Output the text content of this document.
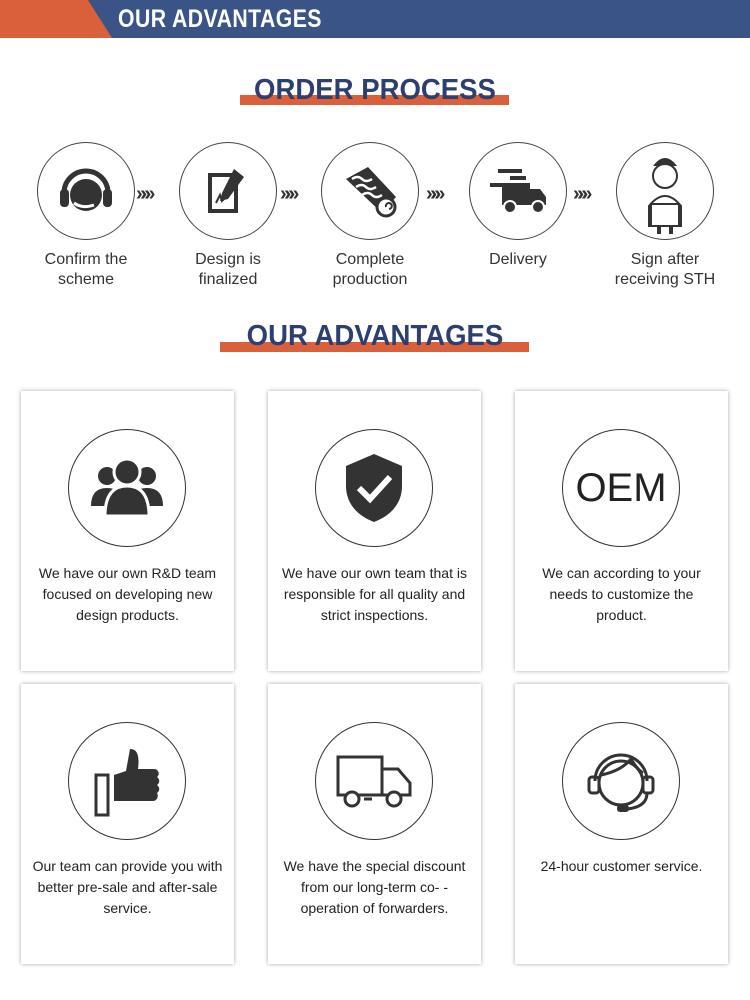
OUR ADVANTAGES
ORDER PROCESS
Confirm the
scheme
»»»
Design is
finalized
»»»
Complete
production
»»»
Delivery
»»»
Sign after
receiving STH
OUR ADVANTAGES
We have our own R&D team focused on developing new design products.
We have our own team that is responsible for all quality and strict inspections.
OEM
We can according to your needs to customize the product.
Our team can provide you with better pre-sale and after-sale service.
We have the special discount from our long-term co- -operation of forwarders.
24-hour customer service.
